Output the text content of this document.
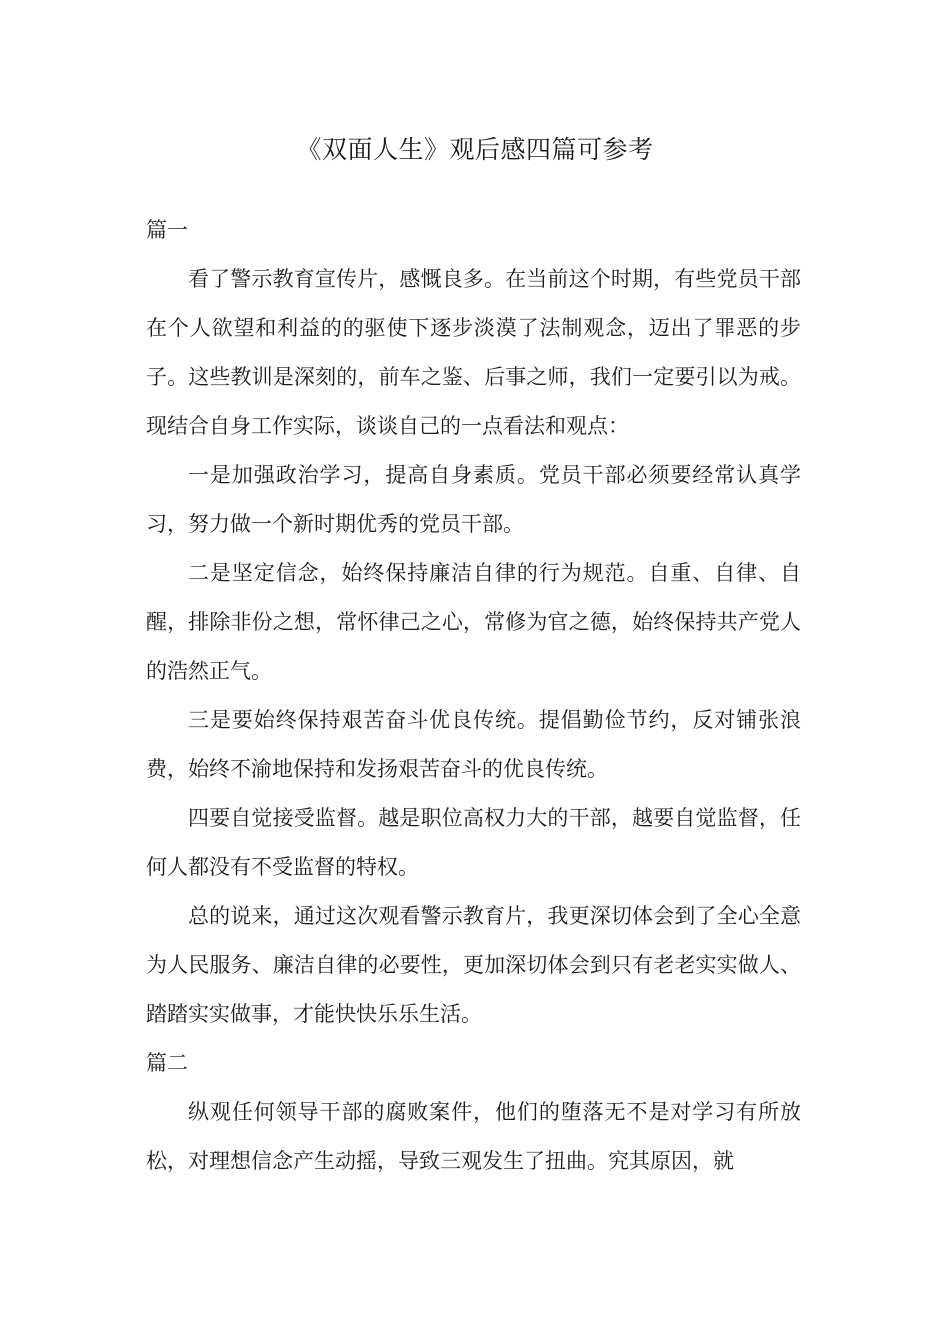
《双面人生》观后感四篇可参考

篇一

看了警示教育宣传片，感慨良多。在当前这个时期，有些党员干部在个人欲望和利益的的驱使下逐步淡漠了法制观念，迈出了罪恶的步子。这些教训是深刻的，前车之鉴、后事之师，我们一定要引以为戒。现结合自身工作实际，谈谈自己的一点看法和观点：

一是加强政治学习，提高自身素质。党员干部必须要经常认真学习，努力做一个新时期优秀的党员干部。

二是坚定信念，始终保持廉洁自律的行为规范。自重、自律、自醒，排除非份之想，常怀律己之心，常修为官之德，始终保持共产党人的浩然正气。

三是要始终保持艰苦奋斗优良传统。提倡勤俭节约，反对铺张浪费，始终不渝地保持和发扬艰苦奋斗的优良传统。

四要自觉接受监督。越是职位高权力大的干部，越要自觉监督，任何人都没有不受监督的特权。

总的说来，通过这次观看警示教育片，我更深切体会到了全心全意为人民服务、廉洁自律的必要性，更加深切体会到只有老老实实做人、踏踏实实做事，才能快快乐乐生活。

篇二

纵观任何领导干部的腐败案件，他们的堕落无不是对学习有所放松，对理想信念产生动摇，导致三观发生了扭曲。究其原因，就
